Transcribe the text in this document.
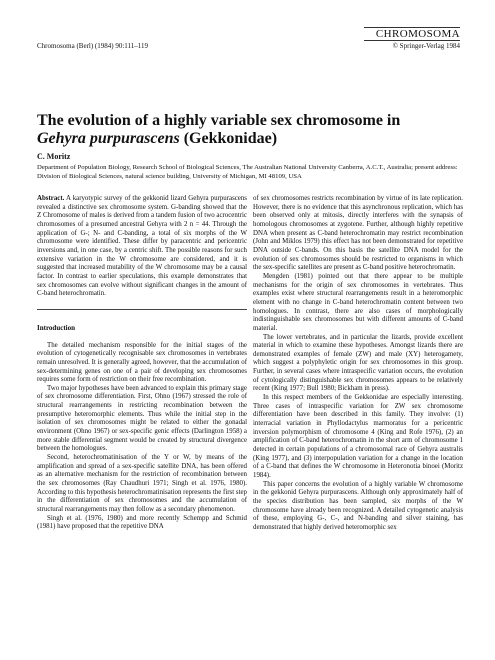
Chromosoma (Berl) (1984) 90:111–119
CHROMOSOMA
© Springer-Verlag 1984
The evolution of a highly variable sex chromosome in
Gehyra purpurascens (Gekkonidae)
C. Moritz
Department of Population Biology, Research School of Biological Sciences, The Australian National University Canberra, A.C.T., Australia; present address: Division of Biological Sciences, natural science building, University of Michigan, MI 48109, USA

Abstract. A karyotypic survey of the gekkonid lizard Gehyra purpurascens revealed a distinctive sex chromosome system. G-banding showed that the Z Chromosome of males is derived from a tandem fusion of two acrocentric chromosomes of a presumed ancestral Gehyra with 2 n = 44. Through the application of G-; N- and C-banding, a total of six morphs of the W chromosome were identified. These differ by paracentric and pericentric inversions and, in one case, by a centric shift. The possible reasons for such extensive variation in the W chromosome are considered, and it is suggested that increased mutability of the W chromosome may be a causal factor. In contrast to earlier speculations, this example demonstrates that sex chromosomes can evolve without significant changes in the amount of C-band heterochromatin.

Introduction

The detailed mechanism responsible for the initial stages of the evolution of cytogenetically recognisable sex chromosomes in vertebrates remain unresolved. It is generally agreed, however, that the accumulation of sex-determining genes on one of a pair of developing sex chromosomes requires some form of restriction on their free recombination.

Two major hypotheses have been advanced to explain this primary stage of sex chromosome differentiation. First, Ohno (1967) stressed the role of structural rearrangements in restricting recombination between the presumptive heteromorphic elements. Thus while the initial step in the isolation of sex chromosomes might be related to either the gonadal environment (Ohno 1967) or sex-specific genic effects (Darlington 1958) a more stable differential segment would be created by structural divergence between the homologues.

Second, heterochromatinisation of the Y or W, by means of the amplification and spread of a sex-specific satellite DNA, has been offered as an alternative mechanism for the restriction of recombination between the sex chromosomes (Ray Chaudhuri 1971; Singh et al. 1976, 1980). According to this hypothesis heterochromatinisation represents the first step in the differentiation of sex chromosomes and the accumulation of structural rearrangements may then follow as a secondary phenomenon.

Singh et al. (1976, 1980) and more recently Schempp and Schmid (1981) have proposed that the repetitive DNA

of sex chromosomes restricts recombination by virtue of its late replication. However, there is no evidence that this asynchronous replication, which has been observed only at mitosis, directly interferes with the synapsis of homologous chromosomes at zygotene. Further, although highly repetitive DNA when present as C-band heterochromatin may restrict recombination (John and Miklos 1979) this effect has not been demonstrated for repetitive DNA outside C-bands. On this basis the satellite DNA model for the evolution of sex chromosomes should be restricted to organisms in which the sex-specific satellites are present as C-band positive heterochromatin.

Mengden (1981) pointed out that there appear to be multiple mechanisms for the origin of sex chromosomes in vertebrates. Thus examples exist where structural rearrangements result in a heteromorphic element with no change in C-band heterochromatin content between two homologues. In contrast, there are also cases of morphologically indistinguishable sex chromosomes but with different amounts of C-band material.

The lower vertebrates, and in particular the lizards, provide excellent material in which to examine these hypotheses. Amongst lizards there are demonstrated examples of female (ZW) and male (XY) heterogamety, which suggest a polyphyletic origin for sex chromosomes in this group. Further, in several cases where intraspecific variation occurs, the evolution of cytologically distinguishable sex chromosomes appears to be relatively recent (King 1977; Bull 1980; Bickham in press).

In this respect members of the Gekkonidae are especially interesting. Three cases of intraspecific variation for ZW sex chromosome differentiation have been described in this family. They involve: (1) interracial variation in Phyllodactylus marmoratus for a pericentric inversion polymorphism of chromosome 4 (King and Rofe 1976), (2) an amplification of C-band heterochromatin in the short arm of chromosome 1 detected in certain populations of a chromosomal race of Gehyra australis (King 1977), and (3) interpopulation variation for a change in the location of a C-band that defines the W chromosome in Heteronotia binoei (Moritz 1984).

This paper concerns the evolution of a highly variable W chromosome in the gekkonid Gehyra purpurascens. Although only approximately half of the species distribution has been sampled, six morphs of the W chromosome have already been recognized. A detailed cytogenetic analysis of these, employing G-, C-, and N-banding and silver staining, has demonstrated that highly derived heteromorphic sex
